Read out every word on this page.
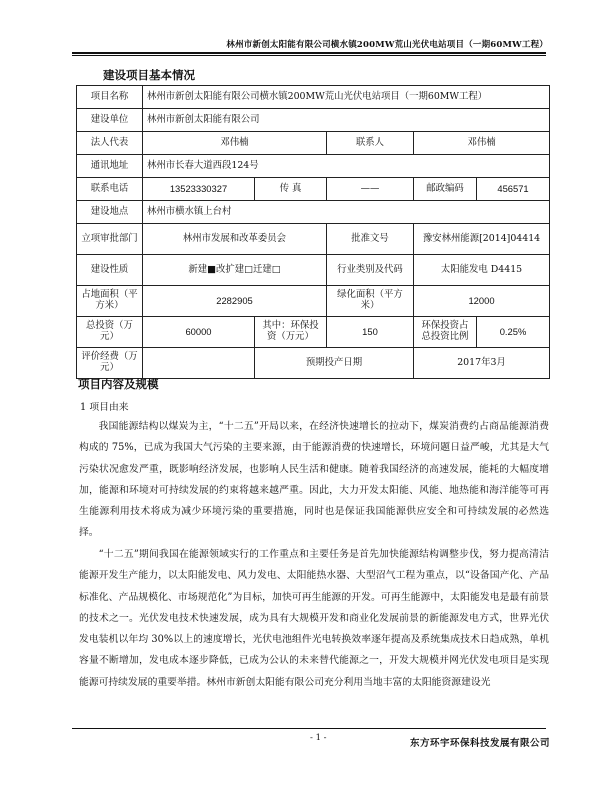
林州市新创太阳能有限公司横水镇200MW荒山光伏电站项目（一期60MW工程）
建设项目基本情况
项目名称	林州市新创太阳能有限公司横水镇200MW荒山光伏电站项目（一期60MW工程）				
建设单位	林州市新创太阳能有限公司				
法人代表	邓伟楠		联系人	邓伟楠	
通讯地址	林州市长春大道西段124号				
联系电话	13523330327	传 真	——	邮政编码	456571
建设地点	林州市横水镇上台村				
立项审批部门	林州市发展和改革委员会		批准文号	豫安林州能源[2014]04414	
建设性质	新建■改扩建□迁建□		行业类别及代码	太阳能发电 D4415	
占地面积（平方米）	2282905		绿化面积（平方米）	12000	
总投资（万元）	60000	其中：环保投资（万元）	150	环保投资占总投资比例	0.25%
评价经费（万元）		预期投产日期		2017年3月	
项目内容及规模
1 项目由来

我国能源结构以煤炭为主，“十二五”开局以来，在经济快速增长的拉动下，煤炭消费约占商品能源消费构成的 75%，已成为我国大气污染的主要来源，由于能源消费的快速增长，环境问题日益严峻，尤其是大气污染状况愈发严重，既影响经济发展，也影响人民生活和健康。随着我国经济的高速发展，能耗的大幅度增加，能源和环境对可持续发展的约束将越来越严重。因此，大力开发太阳能、风能、地热能和海洋能等可再生能源利用技术将成为减少环境污染的重要措施，同时也是保证我国能源供应安全和可持续发展的必然选择。

“十二五”期间我国在能源领域实行的工作重点和主要任务是首先加快能源结构调整步伐，努力提高清洁能源开发生产能力，以太阳能发电、风力发电、太阳能热水器、大型沼气工程为重点，以“设备国产化、产品标准化、产品规模化、市场规范化”为目标，加快可再生能源的开发。可再生能源中，太阳能发电是最有前景的技术之一。光伏发电技术快速发展，成为具有大规模开发和商业化发展前景的新能源发电方式，世界光伏发电装机以年均 30%以上的速度增长，光伏电池组件光电转换效率逐年提高及系统集成技术日趋成熟，单机容量不断增加，发电成本逐步降低，已成为公认的未来替代能源之一，开发大规模并网光伏发电项目是实现能源可持续发展的重要举措。林州市新创太阳能有限公司充分利用当地丰富的太阳能资源建设光

- 1 -	东方环宇环保科技发展有限公司
